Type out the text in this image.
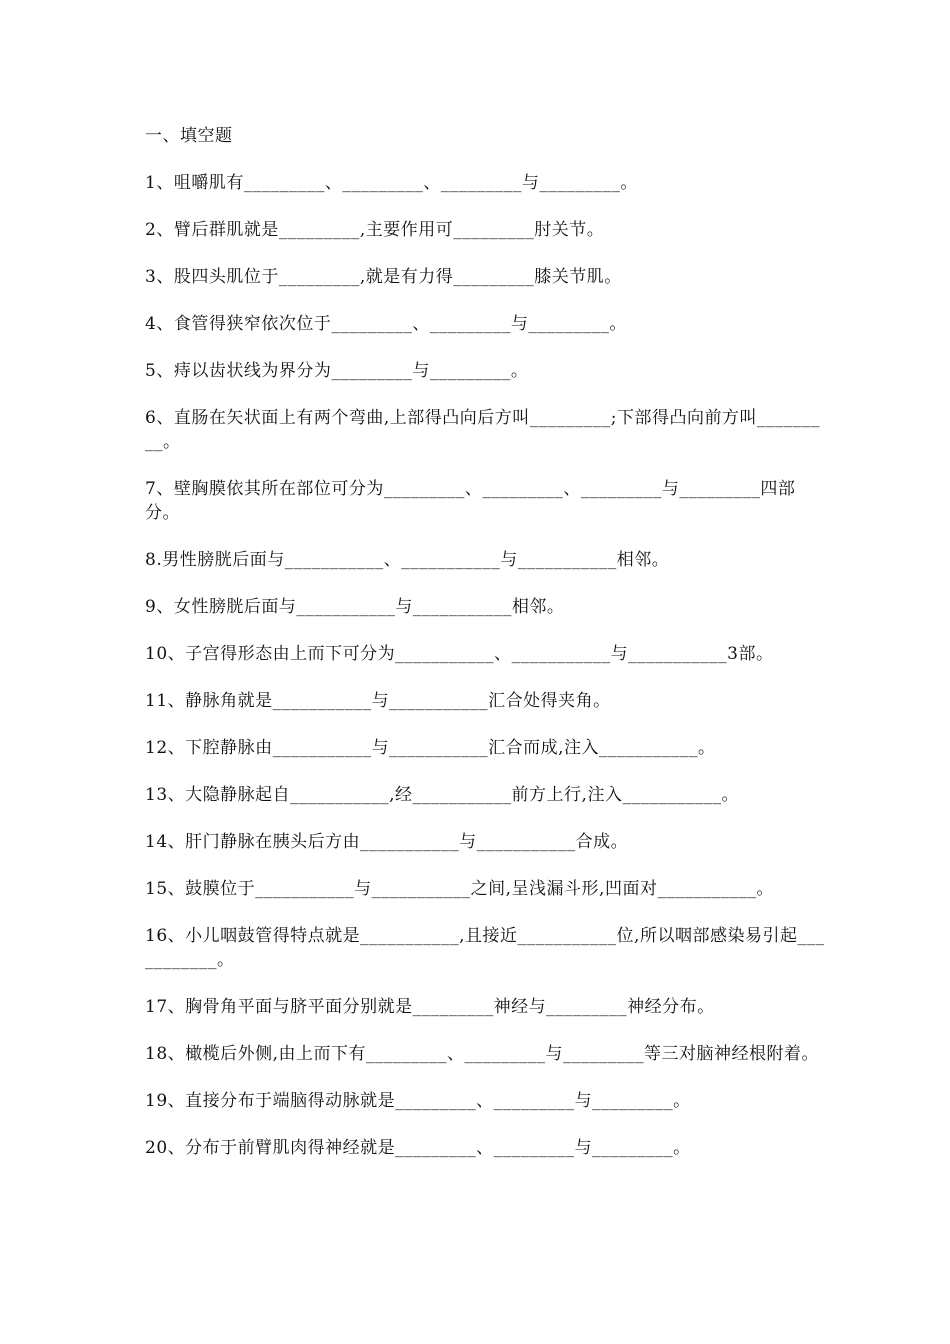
一、填空题
1、咀嚼肌有_________、_________、_________与_________。
2、臂后群肌就是_________,主要作用可_________肘关节。
3、股四头肌位于_________,就是有力得_________膝关节肌。
4、食管得狭窄依次位于_________、_________与_________。
5、痔以齿状线为界分为_________与_________。
6、直肠在矢状面上有两个弯曲,上部得凸向后方叫_________;下部得凸向前方叫_________。
7、壁胸膜依其所在部位可分为_________、_________、_________与_________四部分。
8.男性膀胱后面与___________、___________与___________相邻。
9、女性膀胱后面与___________与___________相邻。
10、子宫得形态由上而下可分为___________、___________与___________3部。
11、静脉角就是___________与___________汇合处得夹角。
12、下腔静脉由___________与___________汇合而成,注入___________。
13、大隐静脉起自___________,经___________前方上行,注入___________。
14、肝门静脉在胰头后方由___________与___________合成。
15、鼓膜位于___________与___________之间,呈浅漏斗形,凹面对___________。
16、小儿咽鼓管得特点就是___________,且接近___________位,所以咽部感染易引起___________。
17、胸骨角平面与脐平面分别就是_________神经与_________神经分布。
18、橄榄后外侧,由上而下有_________、_________与_________等三对脑神经根附着。
19、直接分布于端脑得动脉就是_________、_________与_________。
20、分布于前臂肌肉得神经就是_________、_________与_________。
